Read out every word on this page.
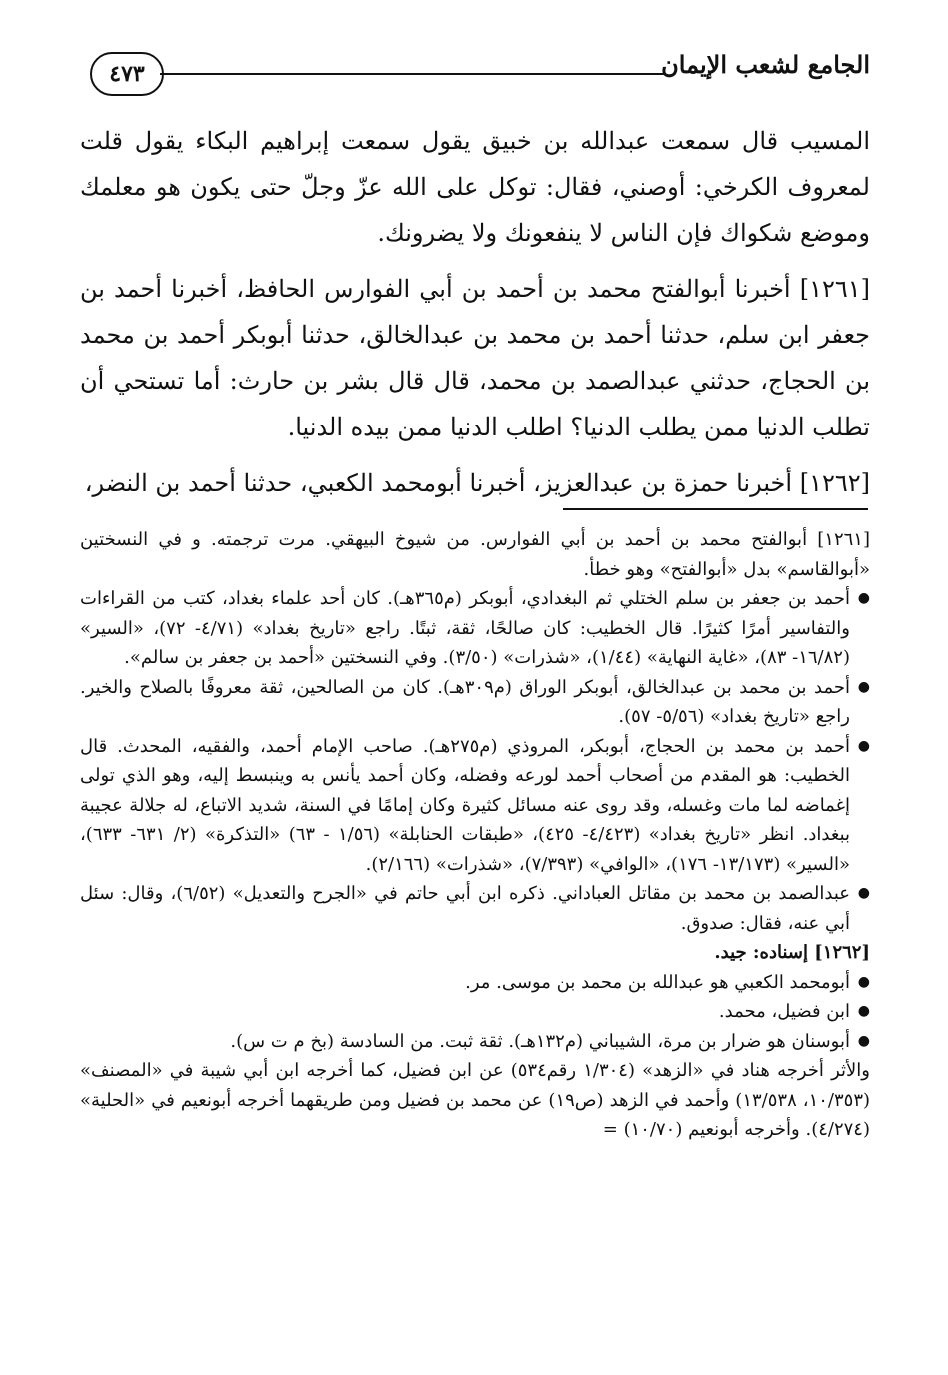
الجامع لشعب الإيمان
٤٧٣

المسيب قال سمعت عبدالله بن خبيق يقول سمعت إبراهيم البكاء يقول قلت لمعروف الكرخي: أوصني، فقال: توكل على الله عزّ وجلّ حتى يكون هو معلمك وموضع شكواك فإن الناس لا ينفعونك ولا يضرونك.

[١٢٦١] أخبرنا أبوالفتح محمد بن أحمد بن أبي الفوارس الحافظ، أخبرنا أحمد بن جعفر ابن سلم، حدثنا أحمد بن محمد بن عبدالخالق، حدثنا أبوبكر أحمد بن محمد بن الحجاج، حدثني عبدالصمد بن محمد، قال قال بشر بن حارث: أما تستحي أن تطلب الدنيا ممن يطلب الدنيا؟ اطلب الدنيا ممن بيده الدنيا.

[١٢٦٢] أخبرنا حمزة بن عبدالعزيز، أخبرنا أبومحمد الكعبي، حدثنا أحمد بن النضر،

[١٢٦١] أبوالفتح محمد بن أحمد بن أبي الفوارس. من شيوخ البيهقي. مرت ترجمته. و في النسختين «أبوالقاسم» بدل «أبوالفتح» وهو خطأ.

● أحمد بن جعفر بن سلم الختلي ثم البغدادي، أبوبكر (م٣٦٥هـ). كان أحد علماء بغداد، كتب من القراءات والتفاسير أمرًا كثيرًا. قال الخطيب: كان صالحًا، ثقة، ثبتًا. راجع «تاريخ بغداد» (٤/٧١- ٧٢)، «السير» (١٦/٨٢- ٨٣)، «غاية النهاية» (١/٤٤)، «شذرات» (٣/٥٠). وفي النسختين «أحمد بن جعفر بن سالم».
● أحمد بن محمد بن عبدالخالق، أبوبكر الوراق (م٣٠٩هـ). كان من الصالحين، ثقة معروفًا بالصلاح والخير. راجع «تاريخ بغداد» (٥/٥٦- ٥٧).
● أحمد بن محمد بن الحجاج، أبوبكر، المروذي (م٢٧٥هـ). صاحب الإمام أحمد، والفقيه، المحدث. قال الخطيب: هو المقدم من أصحاب أحمد لورعه وفضله، وكان أحمد يأنس به وينبسط إليه، وهو الذي تولى إغماضه لما مات وغسله، وقد روى عنه مسائل كثيرة وكان إمامًا في السنة، شديد الاتباع، له جلالة عجيبة ببغداد. انظر «تاريخ بغداد» (٤/٤٢٣- ٤٢٥)، «طبقات الحنابلة» (١/٥٦ - ٦٣) «التذكرة» (٢/ ٦٣١- ٦٣٣)، «السير» (١٣/١٧٣- ١٧٦)، «الوافي» (٧/٣٩٣)، «شذرات» (٢/١٦٦).
● عبدالصمد بن محمد بن مقاتل العباداني. ذكره ابن أبي حاتم في «الجرح والتعديل» (٦/٥٢)، وقال: سئل أبي عنه، فقال: صدوق.

[١٢٦٢] إسناده: جيد.

● أبومحمد الكعبي هو عبدالله بن محمد بن موسى. مر.
● ابن فضيل، محمد.
● أبوسنان هو ضرار بن مرة، الشيباني (م١٣٢هـ). ثقة ثبت. من السادسة (بخ م ت س).

والأثر أخرجه هناد في «الزهد» (١/٣٠٤ رقم٥٣٤) عن ابن فضيل، كما أخرجه ابن أبي شيبة في «المصنف» (١٠/٣٥٣، ١٣/٥٣٨) وأحمد في الزهد (ص١٩) عن محمد بن فضيل ومن طريقهما أخرجه أبونعيم في «الحلية» (٤/٢٧٤). وأخرجه أبونعيم (١٠/٧٠) =
